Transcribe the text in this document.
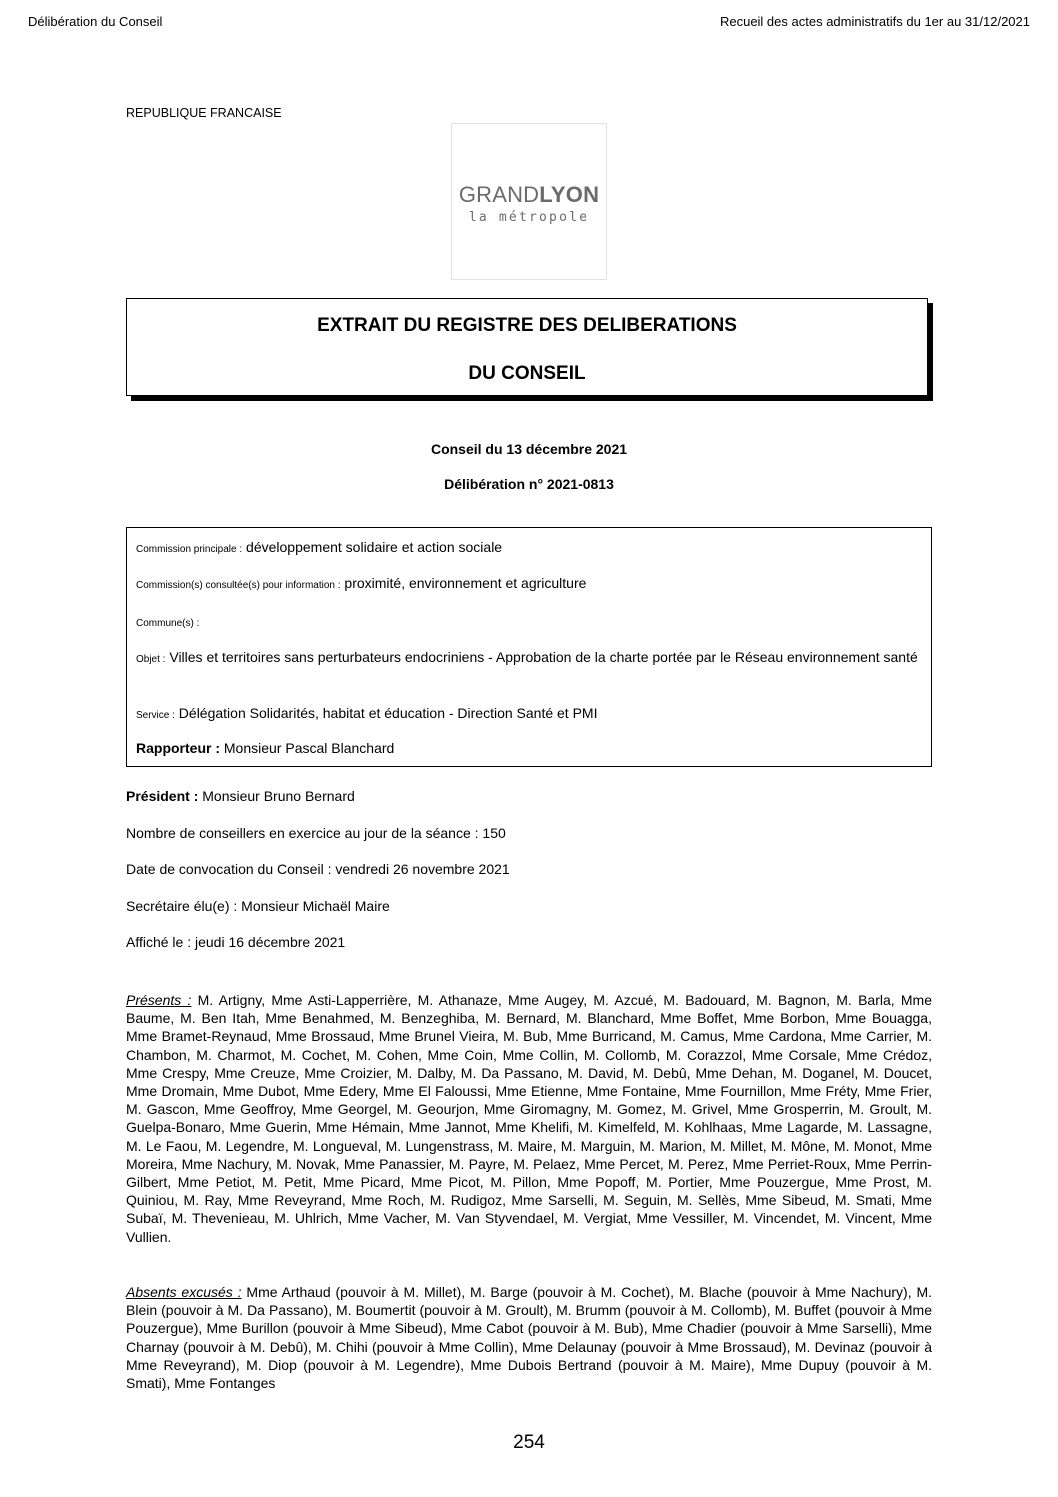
Délibération du Conseil	Recueil des actes administratifs du 1er au 31/12/2021
REPUBLIQUE FRANCAISE
GRANDLYON
la métropole
EXTRAIT DU REGISTRE DES DELIBERATIONS
DU CONSEIL
Conseil du 13 décembre 2021
Délibération n° 2021-0813
Commission principale : développement solidaire et action sociale
Commission(s) consultée(s) pour information : proximité, environnement et agriculture
Commune(s) :
Objet : Villes et territoires sans perturbateurs endocriniens - Approbation de la charte portée par le Réseau environnement santé
Service : Délégation Solidarités, habitat et éducation - Direction Santé et PMI
Rapporteur : Monsieur Pascal Blanchard
Président : Monsieur Bruno Bernard
Nombre de conseillers en exercice au jour de la séance : 150
Date de convocation du Conseil : vendredi 26 novembre 2021
Secrétaire élu(e) : Monsieur Michaël Maire
Affiché le : jeudi 16 décembre 2021
Présents : M. Artigny, Mme Asti-Lapperrière, M. Athanaze, Mme Augey, M. Azcué, M. Badouard, M. Bagnon, M. Barla, Mme Baume, M. Ben Itah, Mme Benahmed, M. Benzeghiba, M. Bernard, M. Blanchard, Mme Boffet, Mme Borbon, Mme Bouagga, Mme Bramet-Reynaud, Mme Brossaud, Mme Brunel Vieira, M. Bub, Mme Burricand, M. Camus, Mme Cardona, Mme Carrier, M. Chambon, M. Charmot, M. Cochet, M. Cohen, Mme Coin, Mme Collin, M. Collomb, M. Corazzol, Mme Corsale, Mme Crédoz, Mme Crespy, Mme Creuze, Mme Croizier, M. Dalby, M. Da Passano, M. David, M. Debû, Mme Dehan, M. Doganel, M. Doucet, Mme Dromain, Mme Dubot, Mme Edery, Mme El Faloussi, Mme Etienne, Mme Fontaine, Mme Fournillon, Mme Fréty, Mme Frier, M. Gascon, Mme Geoffroy, Mme Georgel, M. Geourjon, Mme Giromagny, M. Gomez, M. Grivel, Mme Grosperrin, M. Groult, M. Guelpa-Bonaro, Mme Guerin, Mme Hémain, Mme Jannot, Mme Khelifi, M. Kimelfeld, M. Kohlhaas, Mme Lagarde, M. Lassagne, M. Le Faou, M. Legendre, M. Longueval, M. Lungenstrass, M. Maire, M. Marguin, M. Marion, M. Millet, M. Mône, M. Monot, Mme Moreira, Mme Nachury, M. Novak, Mme Panassier, M. Payre, M. Pelaez, Mme Percet, M. Perez, Mme Perriet-Roux, Mme Perrin-Gilbert, Mme Petiot, M. Petit, Mme Picard, Mme Picot, M. Pillon, Mme Popoff, M. Portier, Mme Pouzergue, Mme Prost, M. Quiniou, M. Ray, Mme Reveyrand, Mme Roch, M. Rudigoz, Mme Sarselli, M. Seguin, M. Sellès, Mme Sibeud, M. Smati, Mme Subaï, M. Thevenieau, M. Uhlrich, Mme Vacher, M. Van Styvendael, M. Vergiat, Mme Vessiller, M. Vincendet, M. Vincent, Mme Vullien.
Absents excusés : Mme Arthaud (pouvoir à M. Millet), M. Barge (pouvoir à M. Cochet), M. Blache (pouvoir à Mme Nachury), M. Blein (pouvoir à M. Da Passano), M. Boumertit (pouvoir à M. Groult), M. Brumm (pouvoir à M. Collomb), M. Buffet (pouvoir à Mme Pouzergue), Mme Burillon (pouvoir à Mme Sibeud), Mme Cabot (pouvoir à M. Bub), Mme Chadier (pouvoir à Mme Sarselli), Mme Charnay (pouvoir à M. Debû), M. Chihi (pouvoir à Mme Collin), Mme Delaunay (pouvoir à Mme Brossaud), M. Devinaz (pouvoir à Mme Reveyrand), M. Diop (pouvoir à M. Legendre), Mme Dubois Bertrand (pouvoir à M. Maire), Mme Dupuy (pouvoir à M. Smati), Mme Fontanges
254
